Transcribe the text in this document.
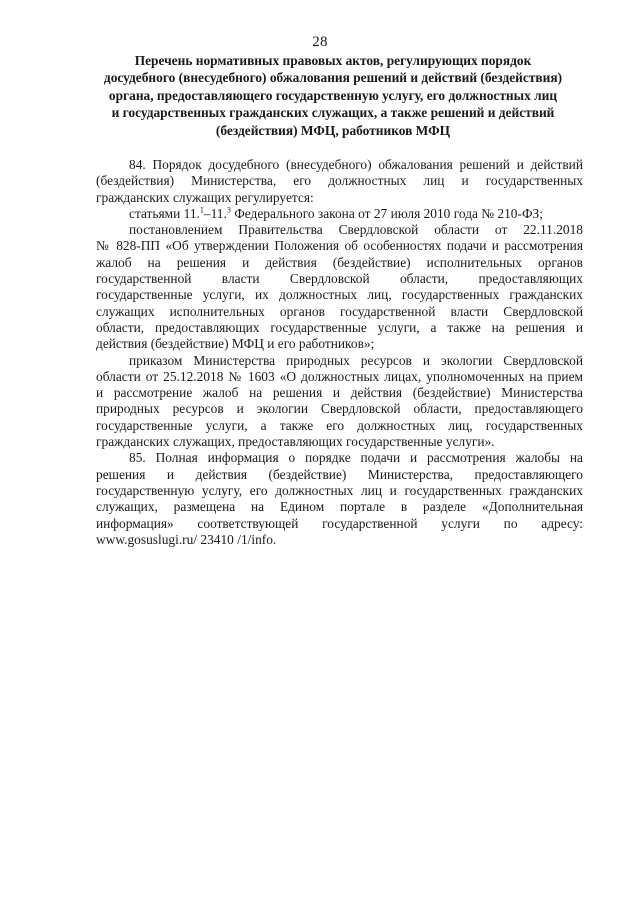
28
Перечень нормативных правовых актов, регулирующих порядок
досудебного (внесудебного) обжалования решений и действий (бездействия)
органа, предоставляющего государственную услугу, его должностных лиц
и государственных гражданских служащих, а также решений и действий
(бездействия) МФЦ, работников МФЦ

84. Порядок досудебного (внесудебного) обжалования решений и действий
(бездействия) Министерства, его должностных лиц и государственных
гражданских служащих регулируется:

статьями 11.$^1$–11.$^3$ Федерального закона от 27 июля 2010 года № 210-ФЗ;

постановлением Правительства Свердловской области от 22.11.2018
№ 828-ПП «Об утверждении Положения об особенностях подачи и рассмотрения
жалоб на решения и действия (бездействие) исполнительных органов
государственной власти Свердловской области, предоставляющих
государственные услуги, их должностных лиц, государственных гражданских
служащих исполнительных органов государственной власти Свердловской
области, предоставляющих государственные услуги, а также на решения и
действия (бездействие) МФЦ и его работников»;

приказом Министерства природных ресурсов и экологии Свердловской
области от 25.12.2018 № 1603 «О должностных лицах, уполномоченных на прием
и рассмотрение жалоб на решения и действия (бездействие) Министерства
природных ресурсов и экологии Свердловской области, предоставляющего
государственные услуги, а также его должностных лиц, государственных
гражданских служащих, предоставляющих государственные услуги».

85. Полная информация о порядке подачи и рассмотрения жалобы на
решения и действия (бездействие) Министерства, предоставляющего
государственную услугу, его должностных лиц и государственных гражданских
служащих, размещена на Едином портале в разделе «Дополнительная
информация» соответствующей государственной услуги по адресу:
www.gosuslugi.ru/ 23410 /1/info.
